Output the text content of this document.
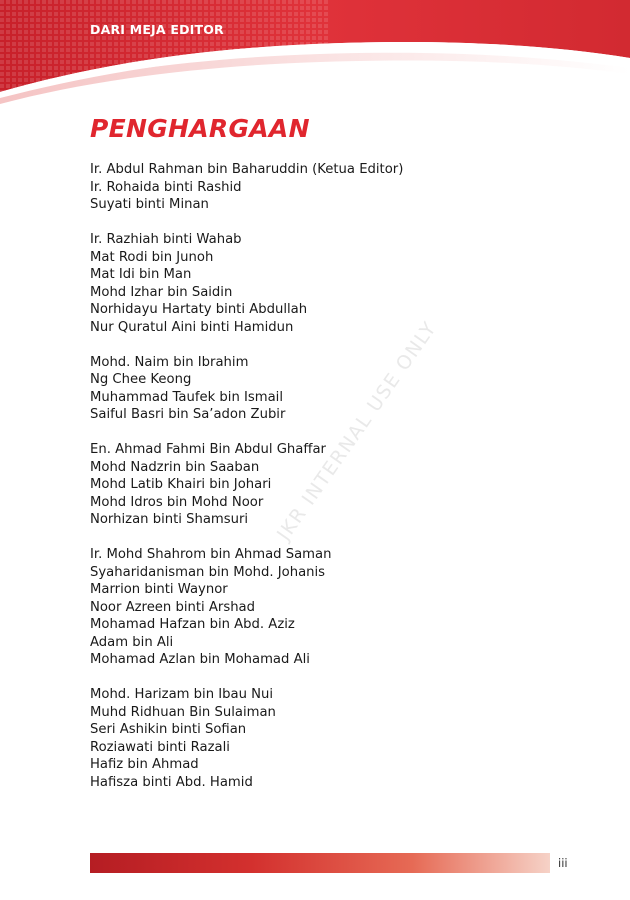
DARI MEJA EDITOR
PENGHARGAAN
JKR INTERNAL USE ONLY
Ir. Abdul Rahman bin Baharuddin (Ketua Editor)
Ir. Rohaida binti Rashid
Suyati binti Minan
Ir. Razhiah binti Wahab
Mat Rodi bin Junoh
Mat Idi bin Man
Mohd Izhar bin Saidin
Norhidayu Hartaty binti Abdullah
Nur Quratul Aini binti Hamidun
Mohd. Naim bin Ibrahim
Ng Chee Keong
Muhammad Taufek bin Ismail
Saiful Basri bin Sa’adon Zubir
En. Ahmad Fahmi Bin Abdul Ghaffar
Mohd Nadzrin bin Saaban
Mohd Latib Khairi bin Johari
Mohd Idros bin Mohd Noor
Norhizan binti Shamsuri
Ir. Mohd Shahrom bin Ahmad Saman
Syaharidanisman bin Mohd. Johanis
Marrion binti Waynor
Noor Azreen binti Arshad
Mohamad Hafzan bin Abd. Aziz
Adam bin Ali
Mohamad Azlan bin Mohamad Ali
Mohd. Harizam bin Ibau Nui
Muhd Ridhuan Bin Sulaiman
Seri Ashikin binti Sofian
Roziawati binti Razali
Hafiz bin Ahmad
Hafisza binti Abd. Hamid
iii
